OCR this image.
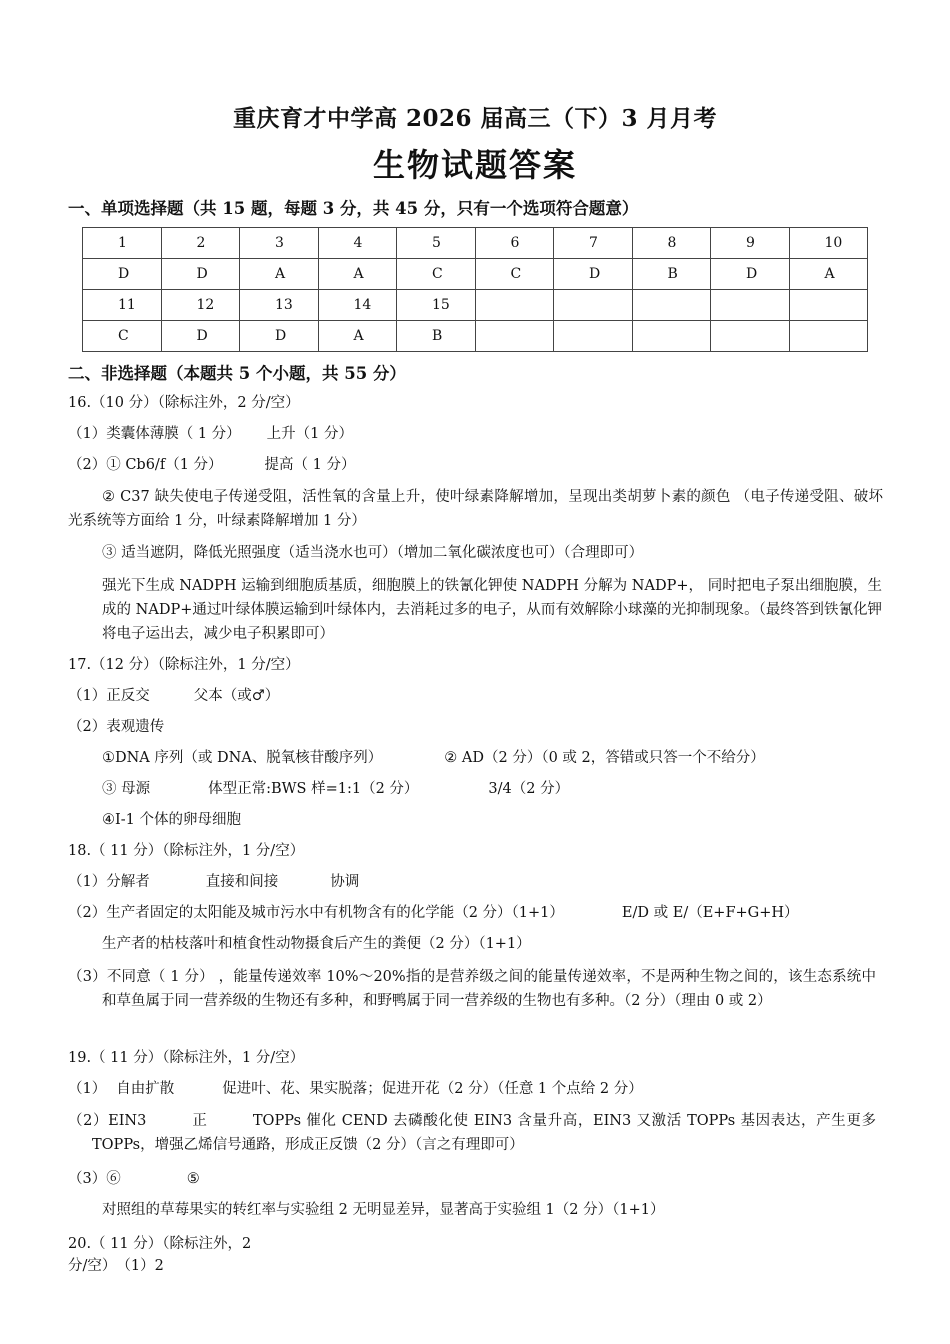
重庆育才中学高 2026 届高三（下）3 月月考
生物试题答案
一、单项选择题（共 15 题，每题 3 分，共 45 分，只有一个选项符合题意）
1	2	3	4	5	6	7	8	9	10
D	D	A	A	C	C	D	B	D	A
11	12	13	14	15					
C	D	D	A	B					
二、非选择题（本题共 5 个小题，共 55 分）
16.（10 分）（除标注外，2 分/空）
（1）类囊体薄膜（ 1 分） 上升（1 分）
（2）① Cb6/f（1 分）	提高（ 1 分）
② C37 缺失使电子传递受阻，活性氧的含量上升，使叶绿素降解增加，呈现出类胡萝卜素的颜色 （电子传递受阻、破坏光系统等方面给 1 分，叶绿素降解增加 1 分）
③ 适当遮阴，降低光照强度（适当浇水也可）（增加二氧化碳浓度也可）（合理即可）
强光下生成 NADPH 运输到细胞质基质，细胞膜上的铁氰化钾使 NADPH 分解为 NADP+， 同时把电子泵出细胞膜，生成的 NADP+通过叶绿体膜运输到叶绿体内，去消耗过多的电子，从而有效解除小球藻的光抑制现象。（最终答到铁氰化钾将电子运出去，减少电子积累即可）
17.（12 分）（除标注外，1 分/空）
（1）正反交	父本（或♂）
（2）表观遗传
①DNA 序列（或 DNA、脱氧核苷酸序列）	② AD（2 分）（0 或 2，答错或只答一个不给分）
③ 母源	体型正常:BWS 样=1:1（2 分）	3/4（2 分）
④Ⅰ-1 个体的卵母细胞
18.（ 11 分）（除标注外，1 分/空）
（1）分解者	直接和间接	协调
（2）生产者固定的太阳能及城市污水中有机物含有的化学能（2 分）（1+1）	E/D 或 E/（E+F+G+H）
生产者的枯枝落叶和植食性动物摄食后产生的粪便（2 分）（1+1）
（3）不同意（ 1 分） ，能量传递效率 10%～20%指的是营养级之间的能量传递效率，不是两种生物之间的，该生态系统中和草鱼属于同一营养级的生物还有多种，和野鸭属于同一营养级的生物也有多种。（2 分）（理由 0 或 2）
19.（ 11 分）（除标注外，1 分/空）
（1） 自由扩散	促进叶、花、果实脱落；促进开花（2 分）（任意 1 个点给 2 分）
（2）EIN3　　　正　　　TOPPs 催化 CEND 去磷酸化使 EIN3 含量升高，EIN3 又激活 TOPPs 基因表达，产生更多 TOPPs，增强乙烯信号通路，形成正反馈（2 分）（言之有理即可）
（3）⑥	⑤
对照组的草莓果实的转红率与实验组 2 无明显差异，显著高于实验组 1（2 分）（1+1）
20.（ 11 分）（除标注外，2
分/空）　（1）2
